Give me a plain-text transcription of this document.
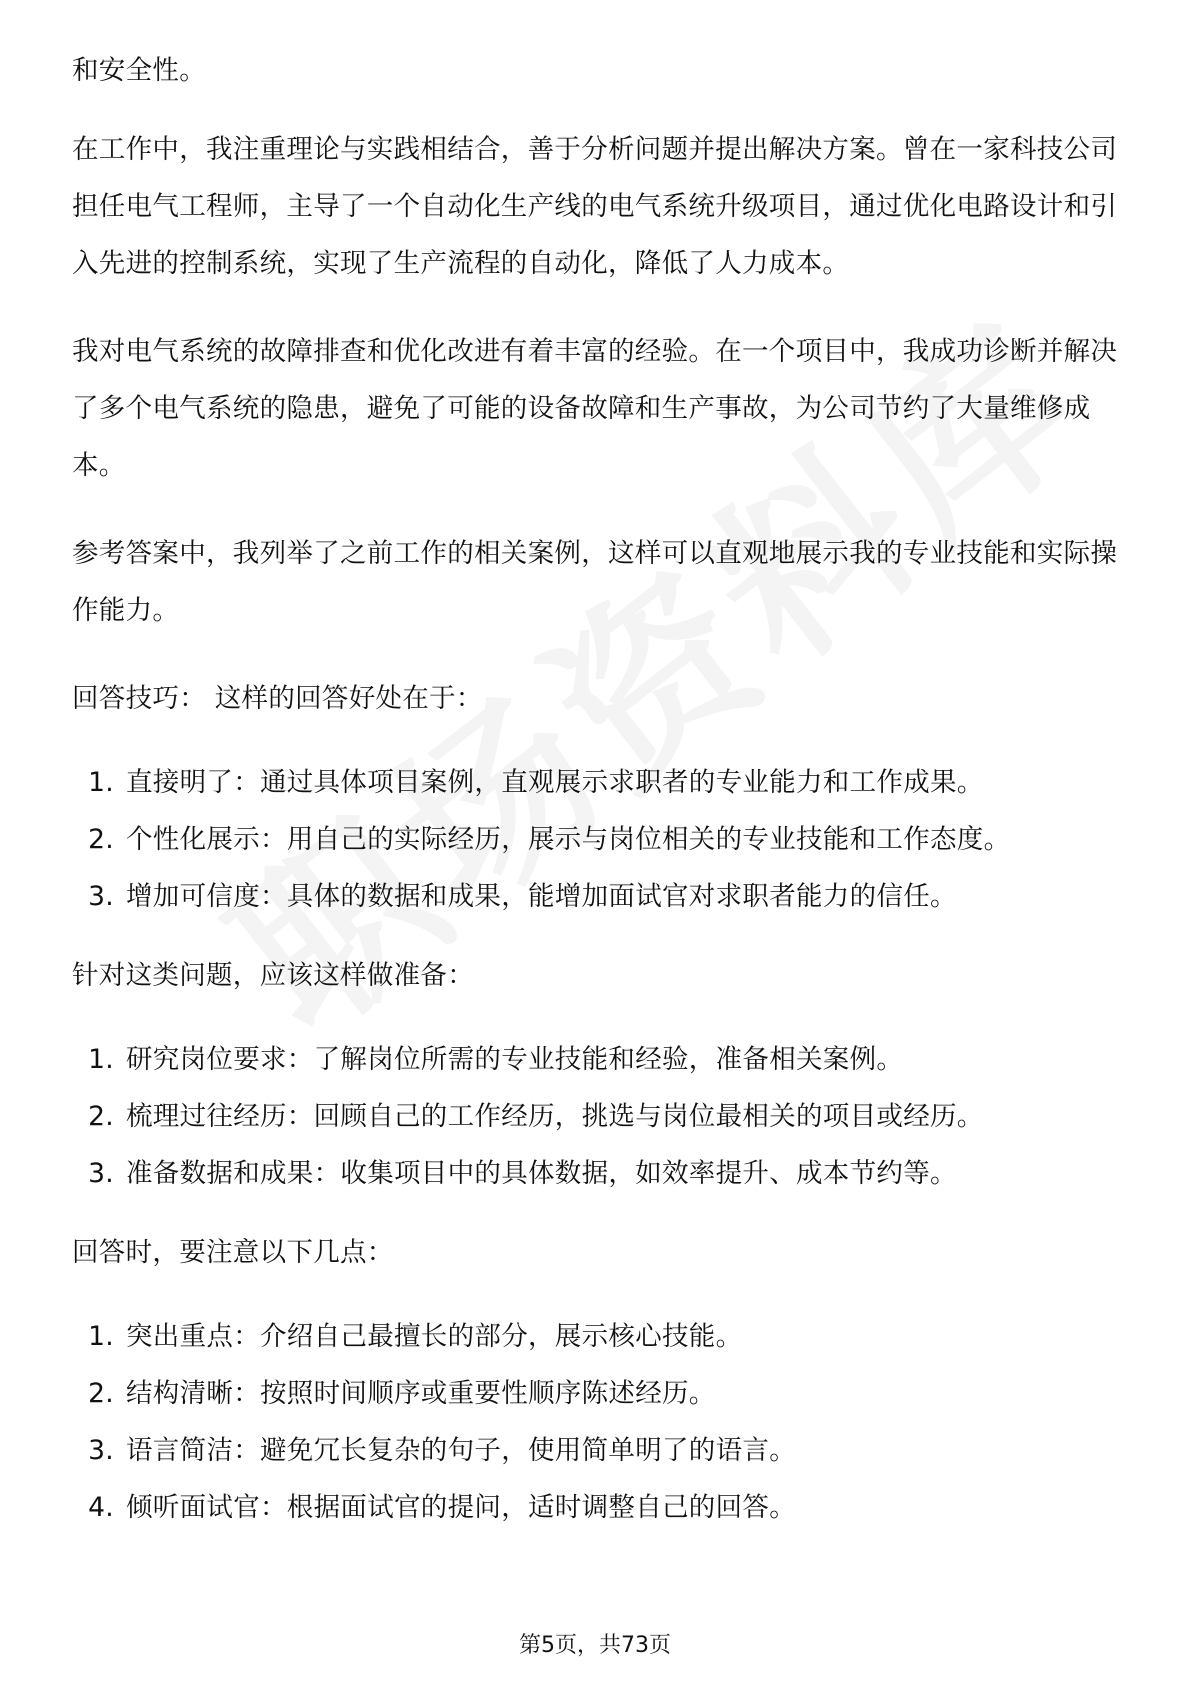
和安全性。

在工作中，我注重理论与实践相结合，善于分析问题并提出解决方案。曾在一家科技公司担任电气工程师，主导了一个自动化生产线的电气系统升级项目，通过优化电路设计和引入先进的控制系统，实现了生产流程的自动化，降低了人力成本。

我对电气系统的故障排查和优化改进有着丰富的经验。在一个项目中，我成功诊断并解决了多个电气系统的隐患，避免了可能的设备故障和生产事故，为公司节约了大量维修成本。

参考答案中，我列举了之前工作的相关案例，这样可以直观地展示我的专业技能和实际操作能力。

回答技巧： 这样的回答好处在于：

1. 直接明了：通过具体项目案例，直观展示求职者的专业能力和工作成果。
2. 个性化展示：用自己的实际经历，展示与岗位相关的专业技能和工作态度。
3. 增加可信度：具体的数据和成果，能增加面试官对求职者能力的信任。

针对这类问题，应该这样做准备：

1. 研究岗位要求：了解岗位所需的专业技能和经验，准备相关案例。
2. 梳理过往经历：回顾自己的工作经历，挑选与岗位最相关的项目或经历。
3. 准备数据和成果：收集项目中的具体数据，如效率提升、成本节约等。

回答时，要注意以下几点：

1. 突出重点：介绍自己最擅长的部分，展示核心技能。
2. 结构清晰：按照时间顺序或重要性顺序陈述经历。
3. 语言简洁：避免冗长复杂的句子，使用简单明了的语言。
4. 倾听面试官：根据面试官的提问，适时调整自己的回答。
第5页，共73页
